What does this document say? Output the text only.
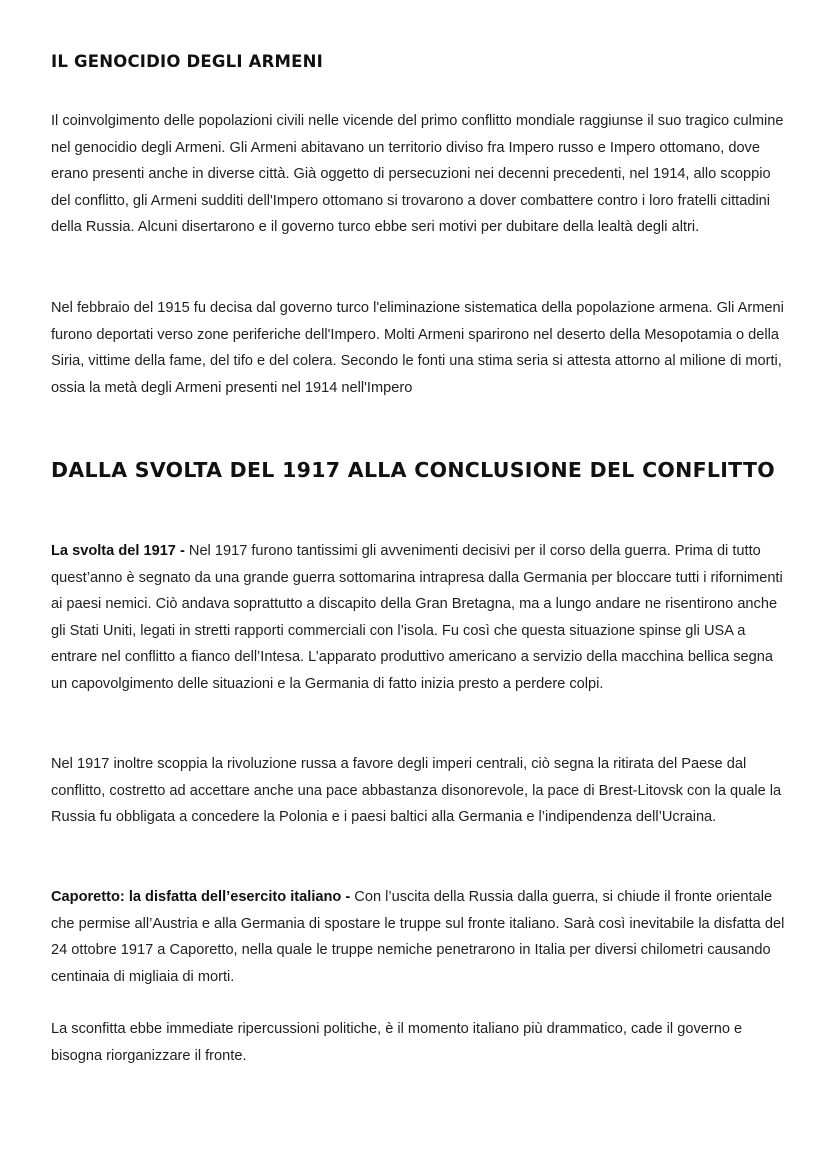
IL GENOCIDIO DEGLI ARMENI

Il coinvolgimento delle popolazioni civili nelle vicende del primo conflitto mondiale raggiunse il suo tragico culmine nel genocidio degli Armeni. Gli Armeni abitavano un territorio diviso fra Impero russo e Impero ottomano, dove erano presenti anche in diverse città. Già oggetto di persecuzioni nei decenni precedenti, nel 1914, allo scoppio del conflitto, gli Armeni sudditi dell'Impero ottomano si trovarono a dover combattere contro i loro fratelli cittadini della Russia. Alcuni disertarono e il governo turco ebbe seri motivi per dubitare della lealtà degli altri.

Nel febbraio del 1915 fu decisa dal governo turco l'eliminazione sistematica della popolazione armena. Gli Armeni furono deportati verso zone periferiche dell'Impero. Molti Armeni sparirono nel deserto della Mesopotamia o della Siria, vittime della fame, del tifo e del colera. Secondo le fonti una stima seria si attesta attorno al milione di morti, ossia la metà degli Armeni presenti nel 1914 nell'Impero

DALLA SVOLTA DEL 1917 ALLA CONCLUSIONE DEL CONFLITTO

La svolta del 1917 - Nel 1917 furono tantissimi gli avvenimenti decisivi per il corso della guerra. Prima di tutto quest’anno è segnato da una grande guerra sottomarina intrapresa dalla Germania per bloccare tutti i rifornimenti ai paesi nemici. Ciò andava soprattutto a discapito della Gran Bretagna, ma a lungo andare ne risentirono anche gli Stati Uniti, legati in stretti rapporti commerciali con l’isola. Fu così che questa situazione spinse gli USA a entrare nel conflitto a fianco dell’Intesa. L’apparato produttivo americano a servizio della macchina bellica segna un capovolgimento delle situazioni e la Germania di fatto inizia presto a perdere colpi.

Nel 1917 inoltre scoppia la rivoluzione russa a favore degli imperi centrali, ciò segna la ritirata del Paese dal conflitto, costretto ad accettare anche una pace abbastanza disonorevole, la pace di Brest-Litovsk con la quale la Russia fu obbligata a concedere la Polonia e i paesi baltici alla Germania e l’indipendenza dell’Ucraina.

Caporetto: la disfatta dell’esercito italiano - Con l’uscita della Russia dalla guerra, si chiude il fronte orientale che permise all’Austria e alla Germania di spostare le truppe sul fronte italiano. Sarà così inevitabile la disfatta del 24 ottobre 1917 a Caporetto, nella quale le truppe nemiche penetrarono in Italia per diversi chilometri causando centinaia di migliaia di morti.

La sconfitta ebbe immediate ripercussioni politiche, è il momento italiano più drammatico, cade il governo e bisogna riorganizzare il fronte.
